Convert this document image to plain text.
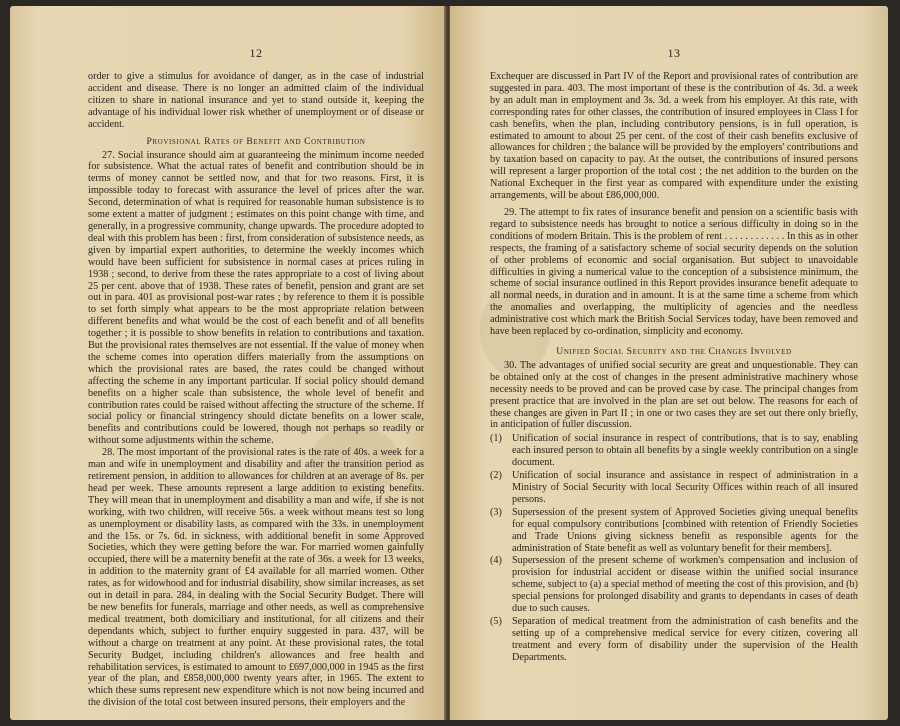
12

order to give a stimulus for avoidance of danger, as in the case of industrial accident and disease. There is no longer an admitted claim of the individual citizen to share in national insurance and yet to stand outside it, keeping the advantage of his individual lower risk whether of unemployment or of disease or accident.

Provisional Rates of Benefit and Contribution

27. Social insurance should aim at guaranteeing the minimum income needed for subsistence. What the actual rates of benefit and contribution should be in terms of money cannot be settled now, and that for two reasons. First, it is impossible today to forecast with assurance the level of prices after the war. Second, determination of what is required for reasonable human subsistence is to some extent a matter of judgment ; estimates on this point change with time, and generally, in a progressive community, change upwards. The procedure adopted to deal with this problem has been : first, from consideration of subsistence needs, as given by impartial expert authorities, to determine the weekly incomes which would have been sufficient for subsistence in normal cases at prices ruling in 1938 ; second, to derive from these the rates appropriate to a cost of living about 25 per cent. above that of 1938. These rates of benefit, pension and grant are set out in para. 401 as provisional post-war rates ; by reference to them it is possible to set forth simply what appears to be the most appropriate relation between different benefits and what would be the cost of each benefit and of all benefits together ; it is possible to show benefits in relation to contributions and taxation. But the provisional rates themselves are not essential. If the value of money when the scheme comes into operation differs materially from the assumptions on which the provisional rates are based, the rates could be changed without affecting the scheme in any important particular. If social policy should demand benefits on a higher scale than subsistence, the whole level of benefit and contribution rates could be raised without affecting the structure of the scheme. If social policy or financial stringency should dictate benefits on a lower scale, benefits and contributions could be lowered, though not perhaps so readily or without some adjustments within the scheme.

28. The most important of the provisional rates is the rate of 40s. a week for a man and wife in unemployment and disability and after the transition period as retirement pension, in addition to allowances for children at an average of 8s. per head per week. These amounts represent a large addition to existing benefits. They will mean that in unemployment and disability a man and wife, if she is not working, with two children, will receive 56s. a week without means test so long as unemployment or disability lasts, as compared with the 33s. in unemployment and the 15s. or 7s. 6d. in sickness, with additional benefit in some Approved Societies, which they were getting before the war. For married women gainfully occupied, there will be a maternity benefit at the rate of 36s. a week for 13 weeks, in addition to the maternity grant of £4 available for all married women. Other rates, as for widowhood and for industrial disability, show similar increases, as set out in detail in para. 284, in dealing with the Social Security Budget. There will be new benefits for funerals, marriage and other needs, as well as comprehensive medical treatment, both domiciliary and institutional, for all citizens and their dependants which, subject to further enquiry suggested in para. 437, will be without a charge on treatment at any point. At these provisional rates, the total Security Budget, including children's allowances and free health and rehabilitation services, is estimated to amount to £697,000,000 in 1945 as the first year of the plan, and £858,000,000 twenty years after, in 1965. The extent to which these sums represent new expenditure which is not now being incurred and the division of the total cost between insured persons, their employers and the

13

Exchequer are discussed in Part IV of the Report and provisional rates of contribution are suggested in para. 403. The most important of these is the contribution of 4s. 3d. a week by an adult man in employment and 3s. 3d. a week from his employer. At this rate, with corresponding rates for other classes, the contribution of insured employees in Class I for cash benefits, when the plan, including contributory pensions, is in full operation, is estimated to amount to about 25 per cent. of the cost of their cash benefits exclusive of allowances for children ; the balance will be provided by the employers' contributions and by taxation based on capacity to pay. At the outset, the contributions of insured persons will represent a larger proportion of the total cost ; the net addition to the burden on the National Exchequer in the first year as compared with expenditure under the existing arrangements, will be about £86,000,000.

29. The attempt to fix rates of insurance benefit and pension on a scientific basis with regard to subsistence needs has brought to notice a serious difficulty in doing so in the conditions of modern Britain. This is the problem of rent . . . . . . . . . . . . In this as in other respects, the framing of a satisfactory scheme of social security depends on the solution of other problems of economic and social organisation. But subject to unavoidable difficulties in giving a numerical value to the conception of a subsistence minimum, the scheme of social insurance outlined in this Report provides insurance benefit adequate to all normal needs, in duration and in amount. It is at the same time a scheme from which the anomalies and overlapping, the multiplicity of agencies and the needless administrative cost which mark the British Social Services today, have been removed and have been replaced by co-ordination, simplicity and economy.

Unified Social Security and the Changes Involved

30. The advantages of unified social security are great and unquestionable. They can be obtained only at the cost of changes in the present administrative machinery whose necessity needs to be proved and can be proved case by case. The principal changes from present practice that are involved in the plan are set out below. The reasons for each of these changes are given in Part II ; in one or two cases they are set out there only briefly, in anticipation of fuller discussion.

(1) Unification of social insurance in respect of contributions, that is to say, enabling each insured person to obtain all benefits by a single weekly contribution on a single document.
(2) Unification of social insurance and assistance in respect of administration in a Ministry of Social Security with local Security Offices within reach of all insured persons.
(3) Supersession of the present system of Approved Societies giving unequal benefits for equal compulsory contributions [combined with retention of Friendly Societies and Trade Unions giving sickness benefit as responsible agents for the administration of State benefit as well as voluntary benefit for their members].
(4) Supersession of the present scheme of workmen's compensation and inclusion of provision for industrial accident or disease within the unified social insurance scheme, subject to (a) a special method of meeting the cost of this provision, and (b) special pensions for prolonged disability and grants to dependants in cases of death due to such causes.
(5) Separation of medical treatment from the administration of cash benefits and the setting up of a comprehensive medical service for every citizen, covering all treatment and every form of disability under the supervision of the Health Departments.
